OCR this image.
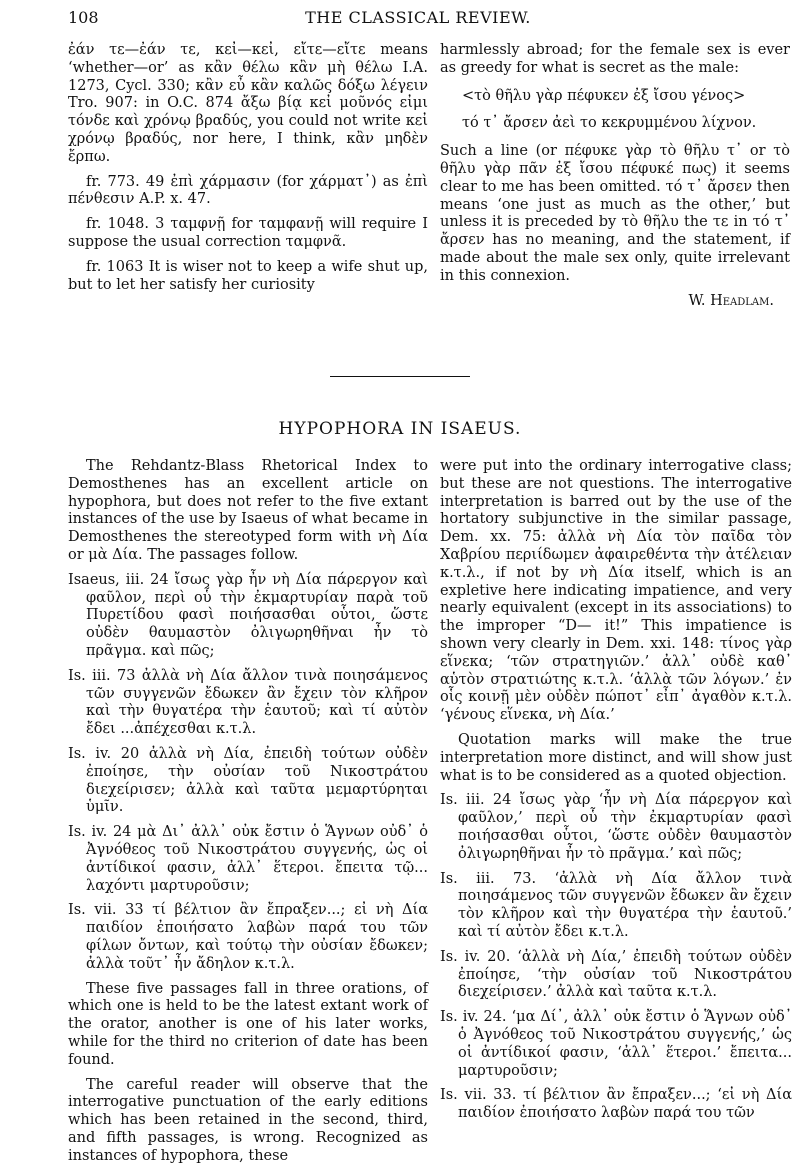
108	THE CLASSICAL REVIEW.

ἐάν τε—ἐάν τε, κεἰ—κεἰ, εἴτε—εἴτε means ‘whether—or’ as κἂν θέλω κἂν μὴ θέλω I.A. 1273, Cycl. 330; κἂν εὖ κἂν καλῶς δόξω λέγειν Tro. 907: in O.C. 874 ἄξω βίᾳ κεἰ μοῦνός εἰμι τόνδε καὶ χρόνῳ βραδύς, you could not write κεἰ χρόνῳ βραδύς, nor here, I think, κἂν μηδὲν ἔρπω.

fr. 773. 49 ἐπὶ χάρμασιν (for χάρματ᾽) as ἐπὶ πένθεσιν A.P. x. 47.

fr. 1048. 3 ταμφνῇ for ταμφανῇ will require I suppose the usual correction ταμφνᾶ.

fr. 1063 It is wiser not to keep a wife shut up, but to let her satisfy her curiosity

harmlessly abroad; for the female sex is ever as greedy for what is secret as the male:

<τὸ θῆλυ γὰρ πέφυκεν ἐξ ἴσου γένος>

τό τ᾽ ἄρσεν ἀεὶ το κεκρυμμένου λίχνον.

Such a line (or πέφυκε γὰρ τὸ θῆλυ τ᾽ or τὸ θῆλυ γὰρ πᾶν ἐξ ἴσου πέφυκέ πως) it seems clear to me has been omitted. τό τ᾽ ἄρσεν then means ‘one just as much as the other,’ but unless it is preceded by τὸ θῆλυ the τε in τό τ᾽ ἄρσεν has no meaning, and the statement, if made about the male sex only, quite irrelevant in this connexion.

W. Headlam.

HYPOPHORA IN ISAEUS.

The Rehdantz-Blass Rhetorical Index to Demosthenes has an excellent article on hypophora, but does not refer to the five extant instances of the use by Isaeus of what became in Demosthenes the stereotyped form with νὴ Δία or μὰ Δία. The passages follow.

Isaeus, iii. 24 ἴσως γὰρ ἦν νὴ Δία πάρεργον καὶ φαῦλον, περὶ οὗ τὴν ἐκμαρτυρίαν παρὰ τοῦ Πυρετίδου φασὶ ποιήσασθαι οὗτοι, ὥστε οὐδὲν θαυμαστὸν ὀλιγωρηθῆναι ἦν τὸ πρᾶγμα. καὶ πῶς;

Is. iii. 73 ἀλλὰ νὴ Δία ἄλλον τινὰ ποιησάμενος τῶν συγγενῶν ἔδωκεν ἂν ἔχειν τὸν κλῆρον καὶ τὴν θυγατέρα τὴν ἑαυτοῦ; καὶ τί αὐτὸν ἔδει ...ἀπέχεσθαι κ.τ.λ.

Is. iv. 20 ἀλλὰ νὴ Δία, ἐπειδὴ τούτων οὐδὲν ἐποίησε, τὴν οὐσίαν τοῦ Νικοστράτου διεχείρισεν; ἀλλὰ καὶ ταῦτα μεμαρτύρηται ὑμῖν.

Is. iv. 24 μὰ Δι᾽ ἀλλ᾽ οὐκ ἔστιν ὁ Ἅγνων οὐδ᾽ ὁ Ἀγνόθεος τοῦ Νικοστράτου συγγενής, ὡς οἱ ἀντίδικοί φασιν, ἀλλ᾽ ἕτεροι. ἔπειτα τῷ... λαχόντι μαρτυροῦσιν;

Is. vii. 33 τί βέλτιον ἂν ἔπραξεν...; εἰ νὴ Δία παιδίον ἐποιήσατο λαβὼν παρά του τῶν φίλων ὄντων, καὶ τούτῳ τὴν οὐσίαν ἔδωκεν; ἀλλὰ τοῦτ᾽ ἦν ἄδηλον κ.τ.λ.

These five passages fall in three orations, of which one is held to be the latest extant work of the orator, another is one of his later works, while for the third no criterion of date has been found.

The careful reader will observe that the interrogative punctuation of the early editions which has been retained in the second, third, and fifth passages, is wrong. Recognized as instances of hypophora, these

were put into the ordinary interrogative class; but these are not questions. The interrogative interpretation is barred out by the use of the hortatory subjunctive in the similar passage, Dem. xx. 75: ἀλλὰ νὴ Δία τὸν παῖδα τὸν Χαβρίου περιίδωμεν ἀφαιρεθέντα τὴν ἀτέλειαν κ.τ.λ., if not by νὴ Δία itself, which is an expletive here indicating impatience, and very nearly equivalent (except in its associations) to the improper “D— it!” This impatience is shown very clearly in Dem. xxi. 148: τίνος γὰρ εἵνεκα; ‘τῶν στρατηγιῶν.’ ἀλλ᾽ οὐδὲ καθ᾽ αὑτὸν στρατιώτης κ.τ.λ. ‘ἀλλὰ τῶν λόγων.’ ἐν οἷς κοινῇ μὲν οὐδὲν πώποτ᾽ εἶπ᾽ ἀγαθὸν κ.τ.λ. ‘γένους εἵνεκα, νὴ Δία.’

Quotation marks will make the true interpretation more distinct, and will show just what is to be considered as a quoted objection.

Is. iii. 24 ἴσως γὰρ ‘ἦν νὴ Δία πάρεργον καὶ φαῦλον,’ περὶ οὗ τὴν ἐκμαρτυρίαν φασὶ ποιήσασθαι οὗτοι, ‘ὥστε οὐδὲν θαυμαστὸν ὀλιγωρηθῆναι ἦν τὸ πρᾶγμα.’ καὶ πῶς;

Is. iii. 73. ‘ἀλλὰ νὴ Δία ἄλλον τινὰ ποιησάμενος τῶν συγγενῶν ἔδωκεν ἂν ἔχειν τὸν κλῆρον καὶ τὴν θυγατέρα τὴν ἑαυτοῦ.’ καὶ τί αὐτὸν ἔδει κ.τ.λ.

Is. iv. 20. ‘ἀλλὰ νὴ Δία,’ ἐπειδὴ τούτων οὐδὲν ἐποίησε, ‘τὴν οὐσίαν τοῦ Νικοστράτου διεχείρισεν.’ ἀλλὰ καὶ ταῦτα κ.τ.λ.

Is. iv. 24. ‘μα Δί᾽, ἀλλ᾽ οὐκ ἔστιν ὁ Ἅγνων οὐδ᾽ ὁ Ἀγνόθεος τοῦ Νικοστράτου συγγενής,’ ὡς οἱ ἀντίδικοί φασιν, ‘ἀλλ᾽ ἕτεροι.’ ἔπειτα... μαρτυροῦσιν;

Is. vii. 33. τί βέλτιον ἂν ἔπραξεν...; ‘εἰ νὴ Δία παιδίον ἐποιήσατο λαβὼν παρά του τῶν
